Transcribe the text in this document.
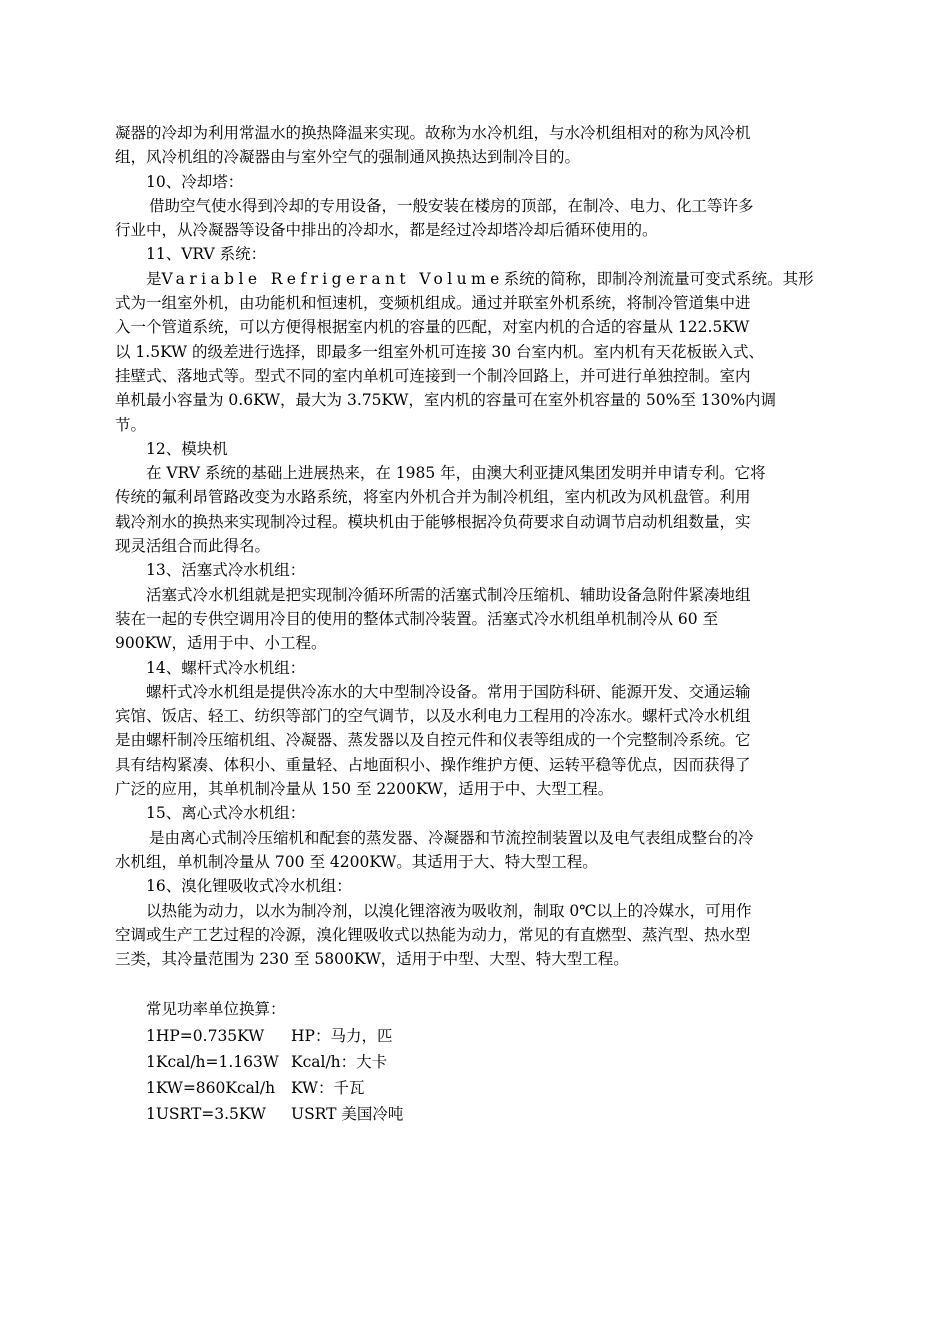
凝器的冷却为利用常温水的换热降温来实现。故称为水冷机组，与水冷机组相对的称为风冷机
组，风冷机组的冷凝器由与室外空气的强制通风换热达到制冷目的。
10、冷却塔：
借助空气使水得到冷却的专用设备，一般安装在楼房的顶部，在制冷、电力、化工等许多
行业中，从冷凝器等设备中排出的冷却水，都是经过冷却塔冷却后循环使用的。
11、VRV 系统：
是Variable Refrigerant Volume系统的简称，即制冷剂流量可变式系统。其形
式为一组室外机，由功能机和恒速机，变频机组成。通过并联室外机系统，将制冷管道集中进
入一个管道系统，可以方便得根据室内机的容量的匹配，对室内机的合适的容量从 122.5KW
以 1.5KW 的级差进行选择，即最多一组室外机可连接 30 台室内机。室内机有天花板嵌入式、
挂壁式、落地式等。型式不同的室内单机可连接到一个制冷回路上，并可进行单独控制。室内
单机最小容量为 0.6KW，最大为 3.75KW，室内机的容量可在室外机容量的 50%至 130%内调
节。
12、模块机
在 VRV 系统的基础上进展热来，在 1985 年，由澳大利亚捷风集团发明并申请专利。它将
传统的氟利昂管路改变为水路系统，将室内外机合并为制冷机组，室内机改为风机盘管。利用
载冷剂水的换热来实现制冷过程。模块机由于能够根据冷负荷要求自动调节启动机组数量，实
现灵活组合而此得名。
13、活塞式冷水机组：
活塞式冷水机组就是把实现制冷循环所需的活塞式制冷压缩机、辅助设备急附件紧凑地组
装在一起的专供空调用冷目的使用的整体式制冷装置。活塞式冷水机组单机制冷从 60 至
900KW，适用于中、小工程。
14、螺杆式冷水机组：
螺杆式冷水机组是提供冷冻水的大中型制冷设备。常用于国防科研、能源开发、交通运输
宾馆、饭店、轻工、纺织等部门的空气调节，以及水利电力工程用的冷冻水。螺杆式冷水机组
是由螺杆制冷压缩机组、冷凝器、蒸发器以及自控元件和仪表等组成的一个完整制冷系统。它
具有结构紧凑、体积小、重量轻、占地面积小、操作维护方便、运转平稳等优点，因而获得了
广泛的应用，其单机制冷量从 150 至 2200KW，适用于中、大型工程。
15、离心式冷水机组：
是由离心式制冷压缩机和配套的蒸发器、冷凝器和节流控制装置以及电气表组成整台的冷
水机组，单机制冷量从 700 至 4200KW。其适用于大、特大型工程。
16、溴化锂吸收式冷水机组：
以热能为动力，以水为制冷剂，以溴化锂溶液为吸收剂，制取 0℃以上的冷媒水，可用作
空调或生产工艺过程的冷源，溴化锂吸收式以热能为动力，常见的有直燃型、蒸汽型、热水型
三类，其冷量范围为 230 至 5800KW，适用于中型、大型、特大型工程。
常见功率单位换算：
1HP=0.735KW HP：马力，匹
1Kcal/h=1.163W Kcal/h：大卡
1KW=860Kcal/h KW：千瓦
1USRT=3.5KW USRT 美国冷吨
